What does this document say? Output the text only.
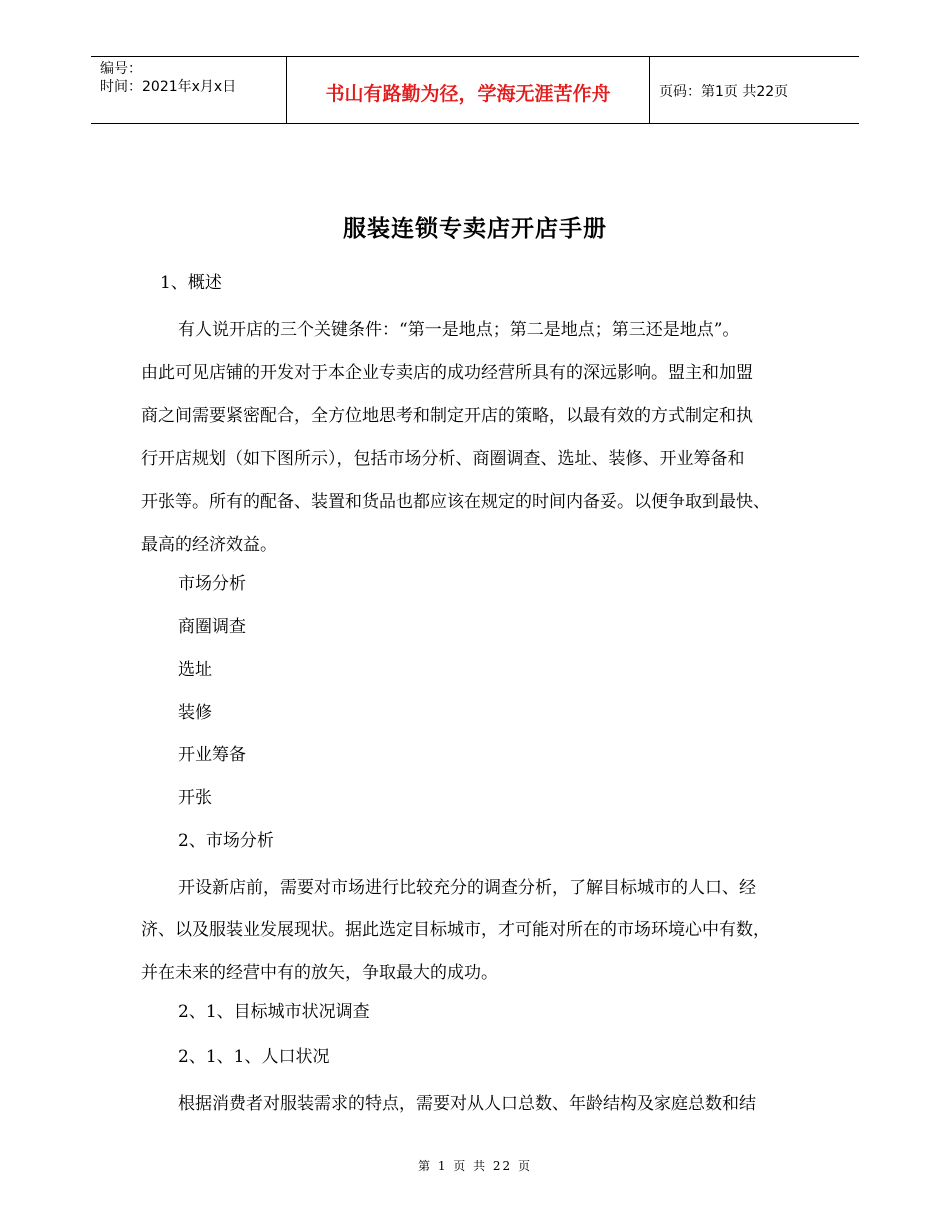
编号：
时间：2021年x月x日	书山有路勤为径，学海无涯苦作舟	页码：第1页 共22页
服装连锁专卖店开店手册
1、概述
有人说开店的三个关键条件：“第一是地点；第二是地点；第三还是地点”。
由此可见店铺的开发对于本企业专卖店的成功经营所具有的深远影响。盟主和加盟
商之间需要紧密配合，全方位地思考和制定开店的策略，以最有效的方式制定和执
行开店规划（如下图所示），包括市场分析、商圈调查、选址、装修、开业筹备和
开张等。所有的配备、装置和货品也都应该在规定的时间内备妥。以便争取到最快、
最高的经济效益。
市场分析
商圈调查
选址
装修
开业筹备
开张
2、市场分析
开设新店前，需要对市场进行比较充分的调查分析，了解目标城市的人口、经
济、以及服装业发展现状。据此选定目标城市，才可能对所在的市场环境心中有数，
并在未来的经营中有的放矢，争取最大的成功。
2、1、目标城市状况调查
2、1、1、人口状况
根据消费者对服装需求的特点，需要对从人口总数、年龄结构及家庭总数和结
第 1 页 共 22 页
